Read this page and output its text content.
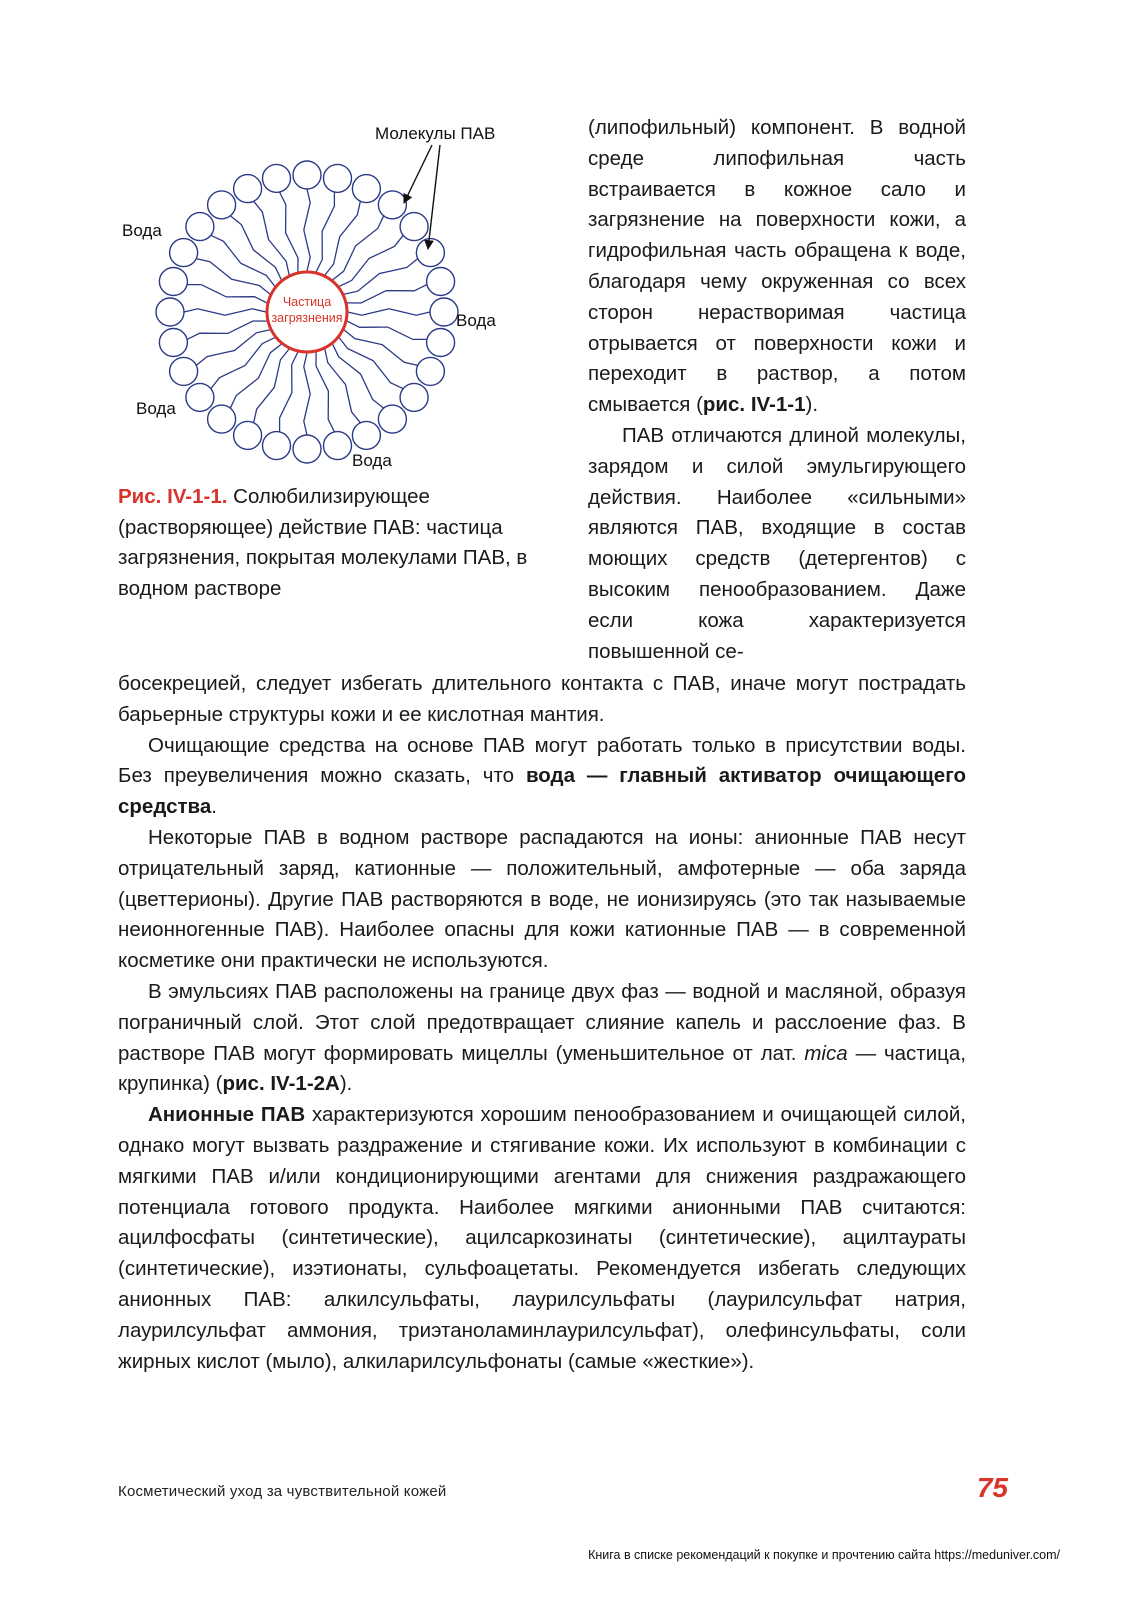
Частица
загрязнения
Молекулы ПАВ
Вода
Вода
Вода
Вода
Рис. IV-1-1. Солюбилизирующее (растворяющее) действие ПАВ: частица загрязнения, покрытая молекулами ПАВ, в водном растворе

(липофильный) компонент. В водной среде липофильная часть встраивается в кожное сало и загрязнение на поверхности кожи, а гидрофильная часть обращена к воде, благодаря чему окруженная со всех сторон нерастворимая частица отрывается от поверхности кожи и переходит в раствор, а потом смывается (рис. IV-1-1).

ПАВ отличаются длиной молекулы, зарядом и силой эмульгирующего действия. Наиболее «сильными» являются ПАВ, входящие в состав моющих средств (детергентов) с высоким пенообразованием. Даже если кожа характеризуется повышенной се-

босекрецией, следует избегать длительного контакта с ПАВ, иначе могут пострадать барьерные структуры кожи и ее кислотная мантия.

Очищающие средства на основе ПАВ могут работать только в присутствии воды. Без преувеличения можно сказать, что вода — главный активатор очищающего средства.

Некоторые ПАВ в водном растворе распадаются на ионы: анионные ПАВ несут отрицательный заряд, катионные — положительный, амфотерные — оба заряда (цветтерионы). Другие ПАВ растворяются в воде, не ионизируясь (это так называемые неионногенные ПАВ). Наиболее опасны для кожи катионные ПАВ — в современной косметике они практически не используются.

В эмульсиях ПАВ расположены на границе двух фаз — водной и масляной, образуя пограничный слой. Этот слой предотвращает слияние капель и расслоение фаз. В растворе ПАВ могут формировать мицеллы (уменьшительное от лат. mica — частица, крупинка) (рис. IV-1-2А).

Анионные ПАВ характеризуются хорошим пенообразованием и очищающей силой, однако могут вызвать раздражение и стягивание кожи. Их используют в комбинации с мягкими ПАВ и/или кондиционирующими агентами для снижения раздражающего потенциала готового продукта. Наиболее мягкими анионными ПАВ считаются: ацилфосфаты (синтетические), ацилсаркозинаты (синтетические), ацилтаураты (синтетические), изэтионаты, сульфоацетаты. Рекомендуется избегать следующих анионных ПАВ: алкилсульфаты, лаурилсульфаты (лаурилсульфат натрия, лаурилсульфат аммония, триэтаноламинлаурилсульфат), олефинсульфаты, соли жирных кислот (мыло), алкиларилсульфонаты (самые «жесткие»).

Косметический уход за чувствительной кожей	75
Книга в списке рекомендаций к покупке и прочтению сайта https://meduniver.com/
